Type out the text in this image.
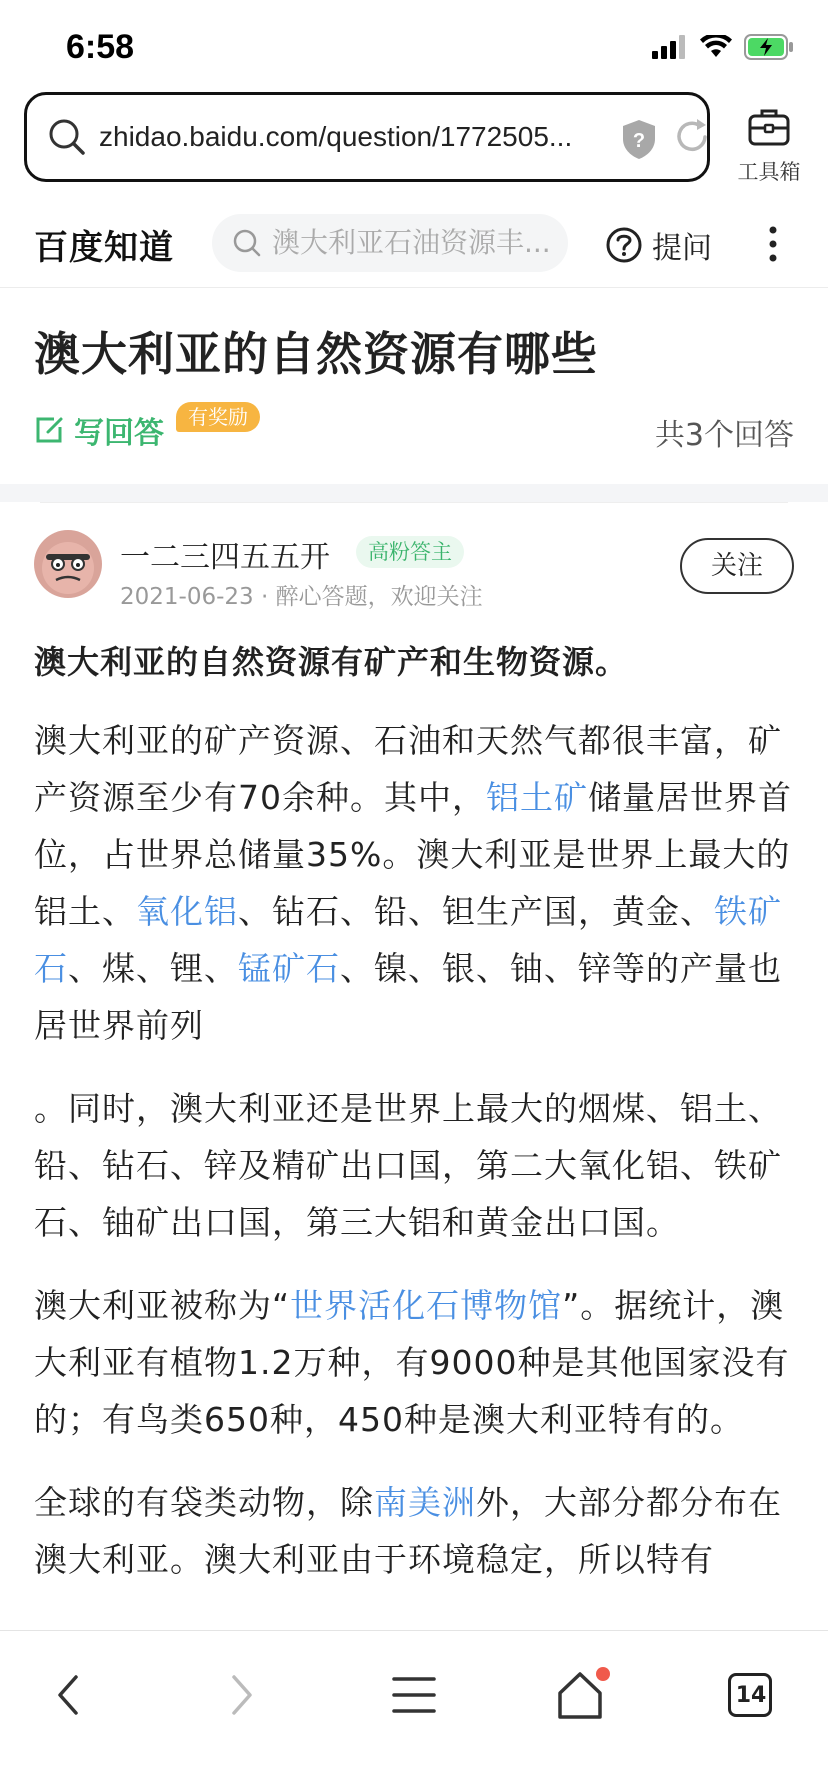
6:58
zhidao.baidu.com/question/1772505...	?
工具箱
百度知道	澳大利亚石油资源丰...	提问
澳大利亚的自然资源有哪些
写回答	有奖励
共3个回答
一二三四五五开	高粉答主
2021-06-23 · 醉心答题，欢迎关注
关注

澳大利亚的自然资源有矿产和生物资源。

澳大利亚的矿产资源、石油和天然气都很丰富，矿产资源至少有70余种。其中，铝土矿储量居世界首位，占世界总储量35%。澳大利亚是世界上最大的铝土、氧化铝、钻石、铅、钽生产国，黄金、铁矿石、煤、锂、锰矿石、镍、银、铀、锌等的产量也居世界前列

。同时，澳大利亚还是世界上最大的烟煤、铝土、铅、钻石、锌及精矿出口国，第二大氧化铝、铁矿石、铀矿出口国，第三大铝和黄金出口国。

澳大利亚被称为“世界活化石博物馆”。据统计，澳大利亚有植物1.2万种，有9000种是其他国家没有的；有鸟类650种，450种是澳大利亚特有的。

全球的有袋类动物，除南美洲外，大部分都分布在澳大利亚。澳大利亚由于环境稳定，所以特有

14
